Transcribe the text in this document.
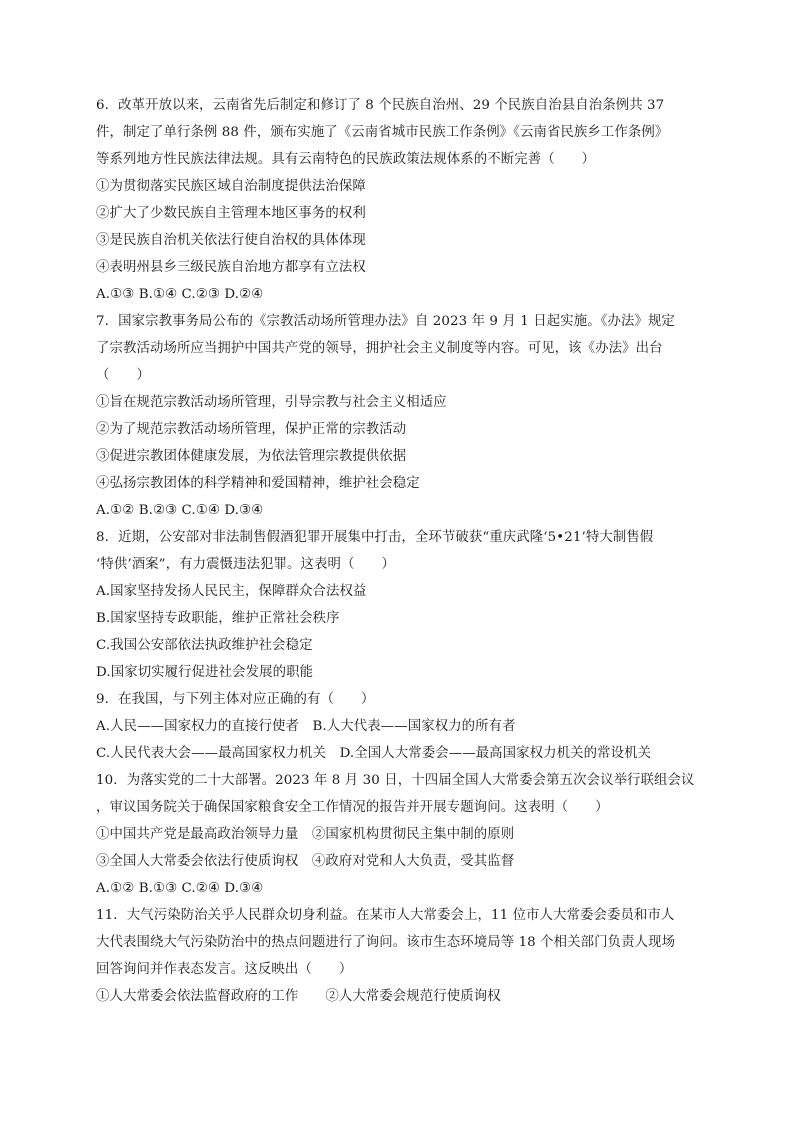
6．改革开放以来，云南省先后制定和修订了 8 个民族自治州、29 个民族自治县自治条例共 37
件，制定了单行条例 88 件，颁布实施了《云南省城市民族工作条例》《云南省民族乡工作条例》
等系列地方性民族法律法规。具有云南特色的民族政策法规体系的不断完善（　　）
①为贯彻落实民族区域自治制度提供法治保障
②扩大了少数民族自主管理本地区事务的权利
③是民族自治机关依法行使自治权的具体体现
④表明州县乡三级民族自治地方都享有立法权
A.①③ B.①④ C.②③ D.②④
7．国家宗教事务局公布的《宗教活动场所管理办法》自 2023 年 9 月 1 日起实施。《办法》规定
了宗教活动场所应当拥护中国共产党的领导，拥护社会主义制度等内容。可见，该《办法》出台
（　　）
①旨在规范宗教活动场所管理，引导宗教与社会主义相适应
②为了规范宗教活动场所管理，保护正常的宗教活动
③促进宗教团体健康发展，为依法管理宗教提供依据
④弘扬宗教团体的科学精神和爱国精神，维护社会稳定
A.①② B.②③ C.①④ D.③④
8．近期，公安部对非法制售假酒犯罪开展集中打击，全环节破获“重庆武隆‘5•21’特大制售假
‘特供’酒案”，有力震慑违法犯罪。这表明（　　）
A.国家坚持发扬人民民主，保障群众合法权益
B.国家坚持专政职能，维护正常社会秩序
C.我国公安部依法执政维护社会稳定
D.国家切实履行促进社会发展的职能
9．在我国，与下列主体对应正确的有（　　）
A.人民——国家权力的直接行使者　B.人大代表——国家权力的所有者
C.人民代表大会——最高国家权力机关　D.全国人大常委会——最高国家权力机关的常设机关
10．为落实党的二十大部署。2023 年 8 月 30 日，十四届全国人大常委会第五次会议举行联组会议
，审议国务院关于确保国家粮食安全工作情况的报告并开展专题询问。这表明（　　）
①中国共产党是最高政治领导力量　②国家机构贯彻民主集中制的原则
③全国人大常委会依法行使质询权　④政府对党和人大负责，受其监督
A.①② B.①③ C.②④ D.③④
11．大气污染防治关乎人民群众切身利益。在某市人大常委会上，11 位市人大常委会委员和市人
大代表围绕大气污染防治中的热点问题进行了询问。该市生态环境局等 18 个相关部门负责人现场
回答询问并作表态发言。这反映出（　　）
①人大常委会依法监督政府的工作　　②人大常委会规范行使质询权
